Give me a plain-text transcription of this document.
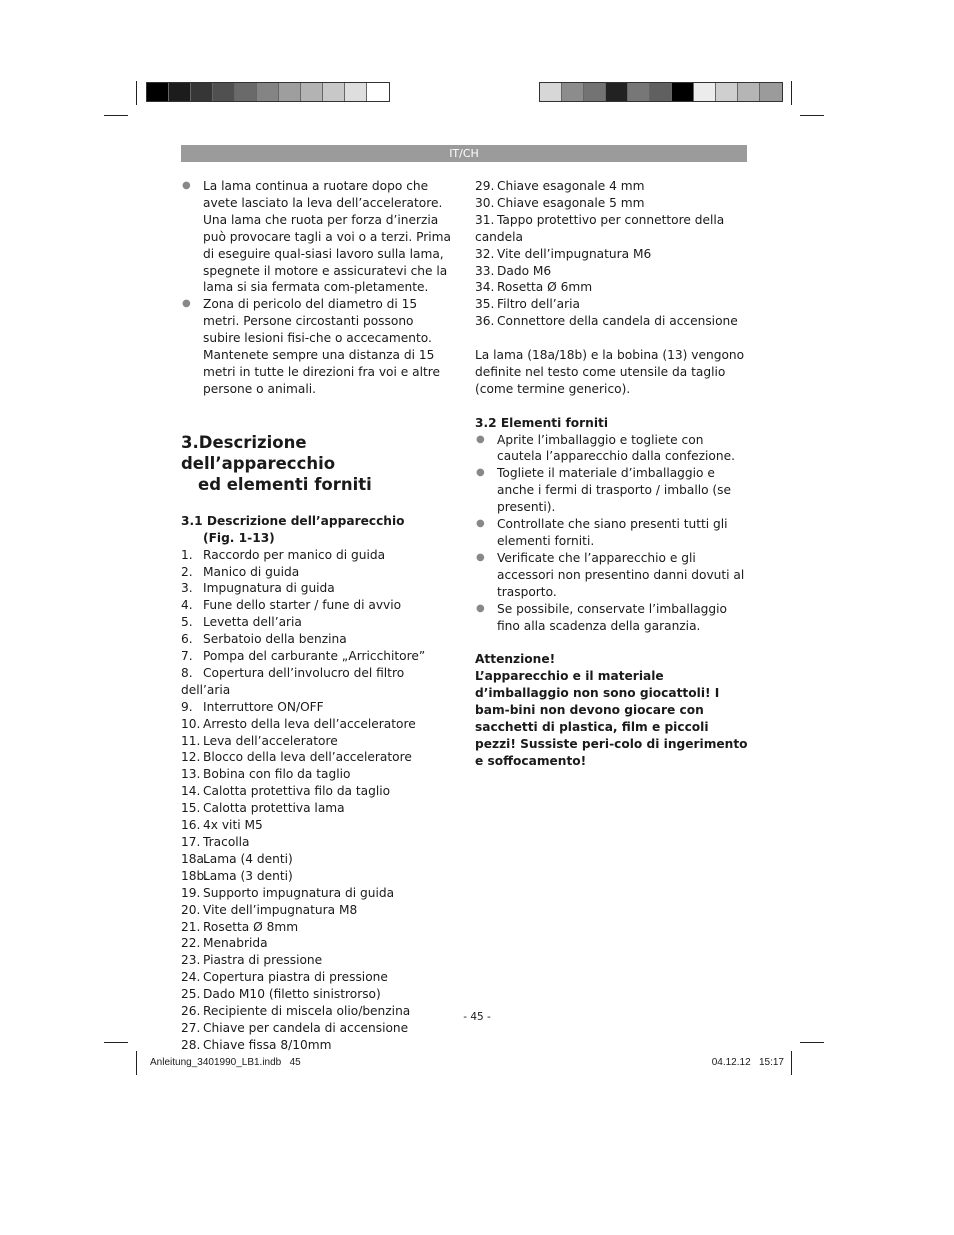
IT/CH
● La lama continua a ruotare dopo che avete lasciato la leva dell’acceleratore. Una lama che ruota per forza d’inerzia può provocare tagli a voi o a terzi. Prima di eseguire qual-siasi lavoro sulla lama, spegnete il motore e assicuratevi che la lama si sia fermata com-pletamente.
● Zona di pericolo del diametro di 15 metri. Persone circostanti possono subire lesioni fisi-che o accecamento. Mantenete sempre una distanza di 15 metri in tutte le direzioni fra voi e altre persone o animali.
3.Descrizione dell’apparecchio
ed elementi forniti
3.1 Descrizione dell’apparecchio
(Fig. 1-13)
1. Raccordo per manico di guida
2. Manico di guida
3. Impugnatura di guida
4. Fune dello starter / fune di avvio
5. Levetta dell’aria
6. Serbatoio della benzina
7. Pompa del carburante „Arricchitore”
8. Copertura dell’involucro del filtro dell’aria
9. Interruttore ON/OFF
10. Arresto della leva dell’acceleratore
11. Leva dell’acceleratore
12. Blocco della leva dell’acceleratore
13. Bobina con filo da taglio
14. Calotta protettiva filo da taglio
15. Calotta protettiva lama
16. 4x viti M5
17. Tracolla
18a.Lama (4 denti)
18b.Lama (3 denti)
19. Supporto impugnatura di guida
20. Vite dell’impugnatura M8
21. Rosetta Ø 8mm
22. Menabrida
23. Piastra di pressione
24. Copertura piastra di pressione
25. Dado M10 (filetto sinistrorso)
26. Recipiente di miscela olio/benzina
27. Chiave per candela di accensione
28. Chiave fissa 8/10mm
29. Chiave esagonale 4 mm
30. Chiave esagonale 5 mm
31. Tappo protettivo per connettore della candela
32. Vite dell’impugnatura M6
33. Dado M6
34. Rosetta Ø 6mm
35. Filtro dell’aria
36. Connettore della candela di accensione

La lama (18a/18b) e la bobina (13) vengono definite nel testo come utensile da taglio (come termine generico).

3.2 Elementi forniti
● Aprite l’imballaggio e togliete con cautela l’apparecchio dalla confezione.
● Togliete il materiale d’imballaggio e anche i fermi di trasporto / imballo (se presenti).
● Controllate che siano presenti tutti gli elementi forniti.
● Verificate che l’apparecchio e gli accessori non presentino danni dovuti al trasporto.
● Se possibile, conservate l’imballaggio fino alla scadenza della garanzia.
Attenzione!
L’apparecchio e il materiale d’imballaggio non sono giocattoli! I bam-bini non devono giocare con sacchetti di plastica, film e piccoli pezzi! Sussiste peri-colo di ingerimento e soffocamento!
- 45 -
Anleitung_3401990_LB1.indb   45	04.12.12   15:17
